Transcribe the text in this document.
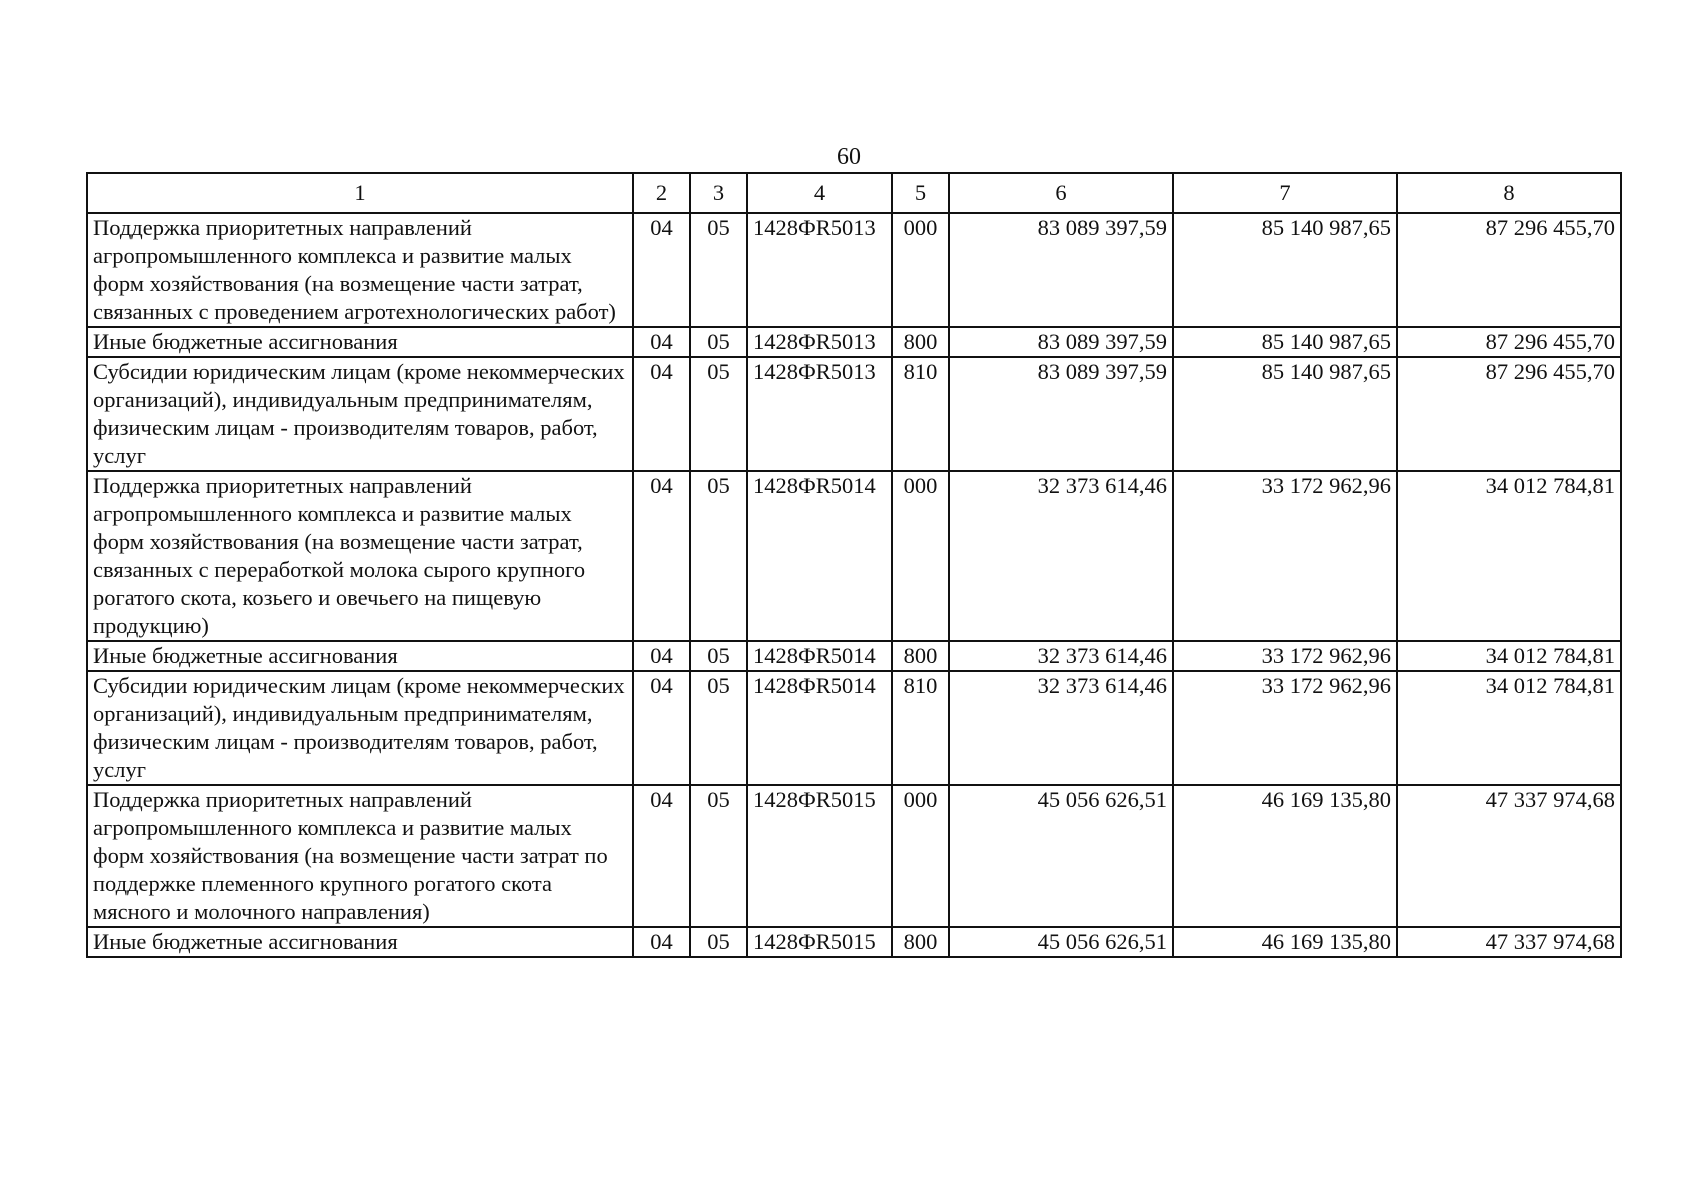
60
1	2	3	4	5	6	7	8
Поддержка приоритетных направлений агропромышленного комплекса и развитие малых форм хозяйствования (на возмещение части затрат, связанных с проведением агротехнологических работ)	04	05	1428ФR5013	000	83 089 397,59	85 140 987,65	87 296 455,70
Иные бюджетные ассигнования	04	05	1428ФR5013	800	83 089 397,59	85 140 987,65	87 296 455,70
Субсидии юридическим лицам (кроме некоммерческих организаций), индивидуальным предпринимателям, физическим лицам - производителям товаров, работ, услуг	04	05	1428ФR5013	810	83 089 397,59	85 140 987,65	87 296 455,70
Поддержка приоритетных направлений агропромышленного комплекса и развитие малых форм хозяйствования (на возмещение части затрат, связанных с переработкой молока сырого крупного рогатого скота, козьего и овечьего на пищевую продукцию)	04	05	1428ФR5014	000	32 373 614,46	33 172 962,96	34 012 784,81
Иные бюджетные ассигнования	04	05	1428ФR5014	800	32 373 614,46	33 172 962,96	34 012 784,81
Субсидии юридическим лицам (кроме некоммерческих организаций), индивидуальным предпринимателям, физическим лицам - производителям товаров, работ, услуг	04	05	1428ФR5014	810	32 373 614,46	33 172 962,96	34 012 784,81
Поддержка приоритетных направлений агропромышленного комплекса и развитие малых форм хозяйствования (на возмещение части затрат по поддержке племенного крупного рогатого скота мясного и молочного направления)	04	05	1428ФR5015	000	45 056 626,51	46 169 135,80	47 337 974,68
Иные бюджетные ассигнования	04	05	1428ФR5015	800	45 056 626,51	46 169 135,80	47 337 974,68
